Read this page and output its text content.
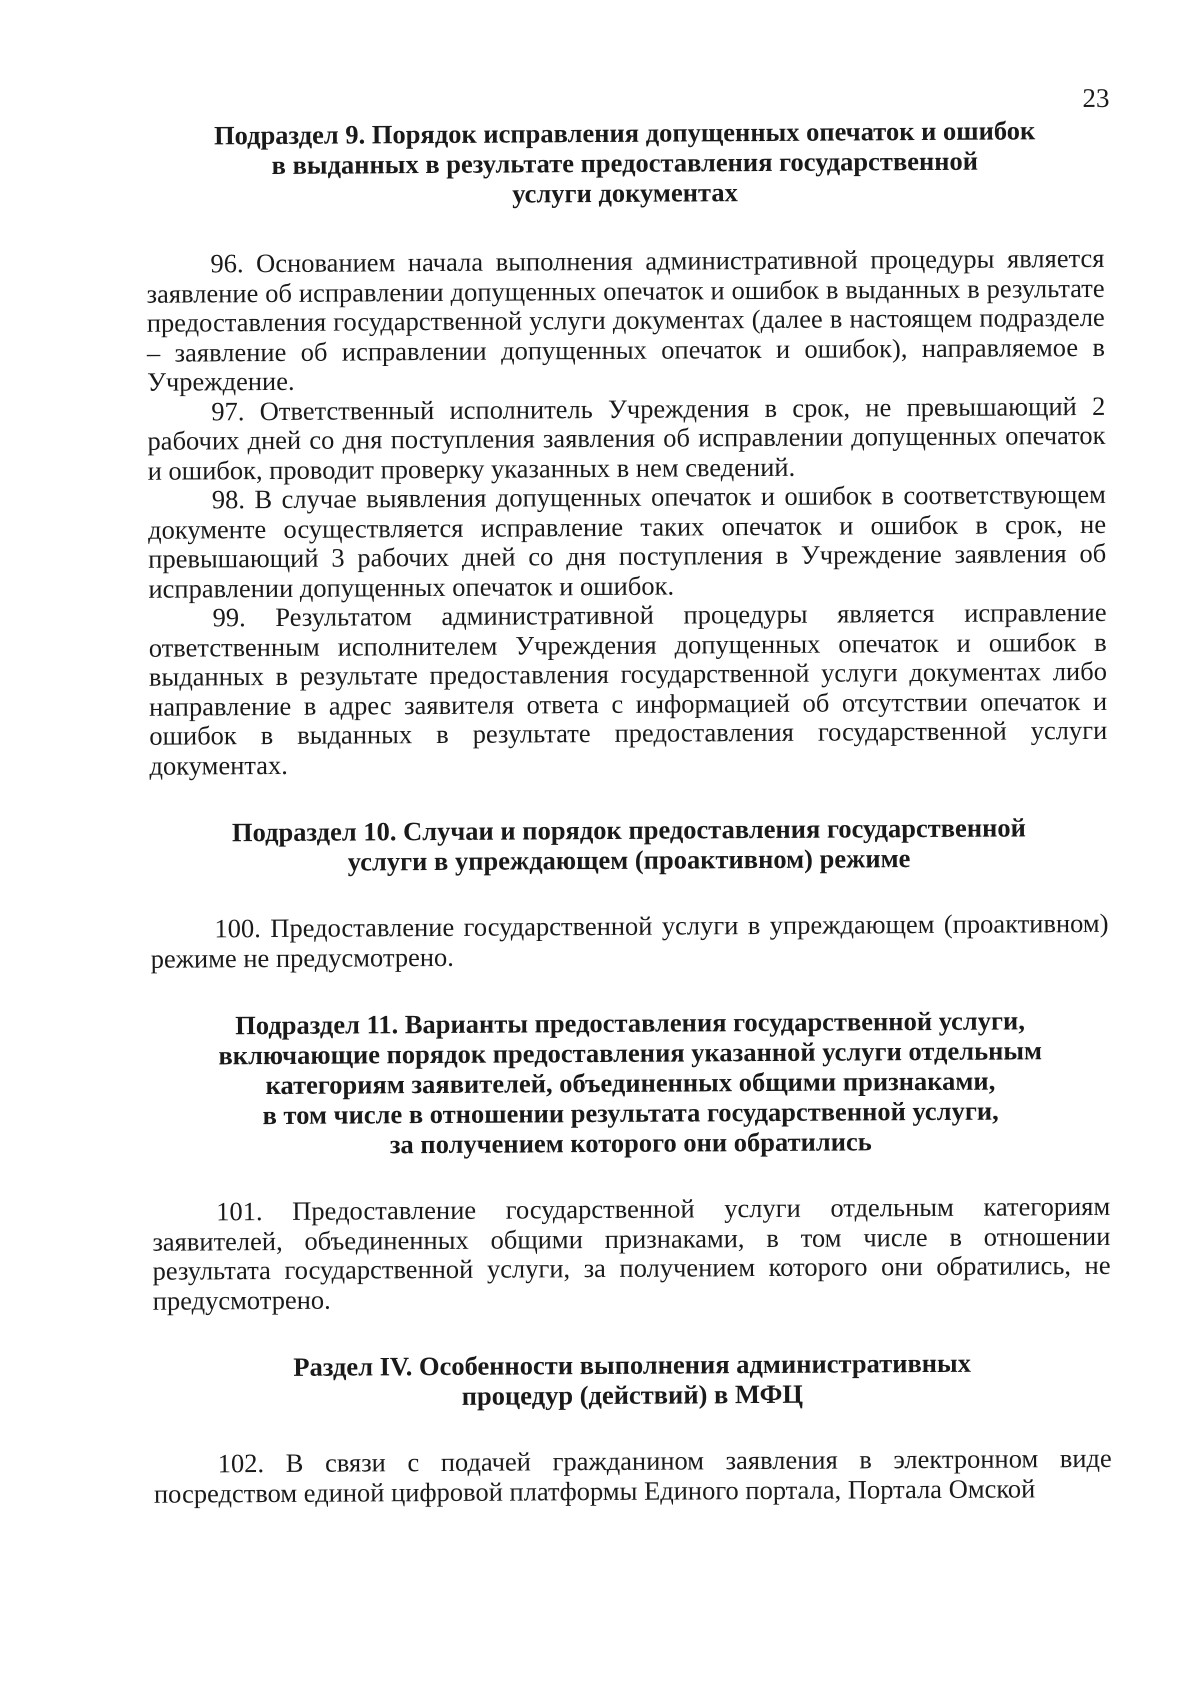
23

Подраздел 9. Порядок исправления допущенных опечаток и ошибок
в выданных в результате предоставления государственной
услуги документах

96. Основанием начала выполнения административной процедуры является заявление об исправлении допущенных опечаток и ошибок в выданных в результате предоставления государственной услуги документах (далее в настоящем подразделе – заявление об исправлении допущенных опечаток и ошибок), направляемое в Учреждение.

97. Ответственный исполнитель Учреждения в срок, не превышающий 2 рабочих дней со дня поступления заявления об исправлении допущенных опечаток и ошибок, проводит проверку указанных в нем сведений.

98. В случае выявления допущенных опечаток и ошибок в соответствующем документе осуществляется исправление таких опечаток и ошибок в срок, не превышающий 3 рабочих дней со дня поступления в Учреждение заявления об исправлении допущенных опечаток и ошибок.

99. Результатом административной процедуры является исправление ответственным исполнителем Учреждения допущенных опечаток и ошибок в выданных в результате предоставления государственной услуги документах либо направление в адрес заявителя ответа с информацией об отсутствии опечаток и ошибок в выданных в результате предоставления государственной услуги документах.

Подраздел 10. Случаи и порядок предоставления государственной
услуги в упреждающем (проактивном) режиме

100. Предоставление государственной услуги в упреждающем (проактивном) режиме не предусмотрено.

Подраздел 11. Варианты предоставления государственной услуги,
включающие порядок предоставления указанной услуги отдельным
категориям заявителей, объединенных общими признаками,
в том числе в отношении результата государственной услуги,
за получением которого они обратились

101. Предоставление государственной услуги отдельным категориям заявителей, объединенных общими признаками, в том числе в отношении результата государственной услуги, за получением которого они обратились, не предусмотрено.

Раздел IV. Особенности выполнения административных
процедур (действий) в МФЦ

102. В связи с подачей гражданином заявления в электронном виде посредством единой цифровой платформы Единого портала, Портала Омской
